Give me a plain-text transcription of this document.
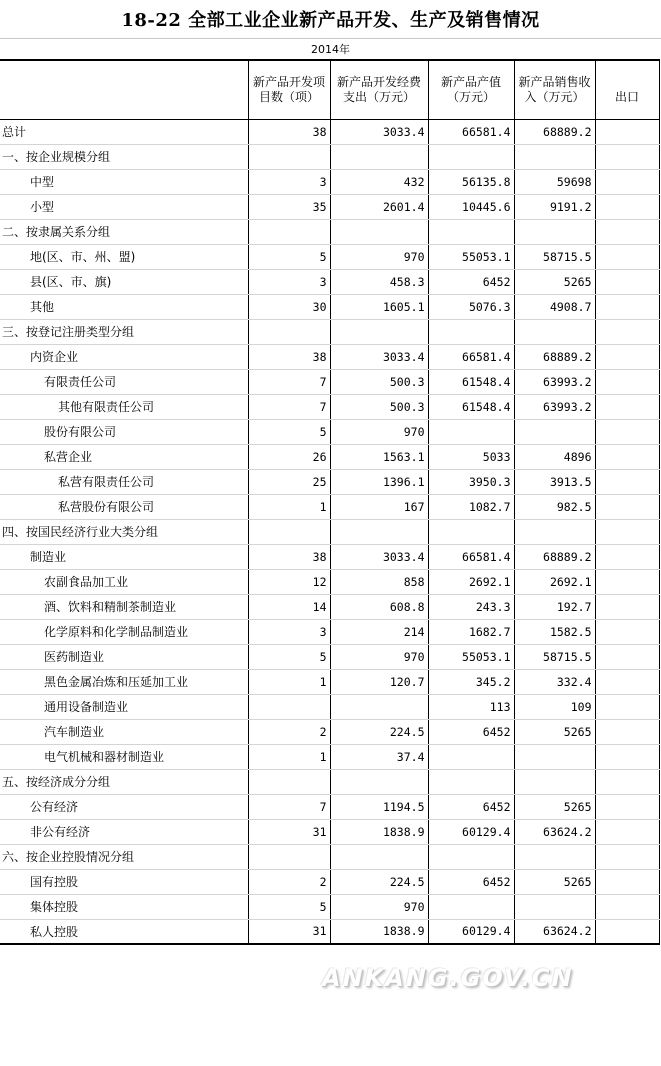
18-22 全部工业企业新产品开发、生产及销售情况
2014年
	新产品开发项目数（项）	新产品开发经费支出（万元）	新产品产值（万元）	新产品销售收入（万元）	出口
总计	38	3033.4	66581.4	68889.2	
一、按企业规模分组					
中型	3	432	56135.8	59698	
小型	35	2601.4	10445.6	9191.2	
二、按隶属关系分组					
地(区、市、州、盟)	5	970	55053.1	58715.5	
县(区、市、旗)	3	458.3	6452	5265	
其他	30	1605.1	5076.3	4908.7	
三、按登记注册类型分组					
内资企业	38	3033.4	66581.4	68889.2	
有限责任公司	7	500.3	61548.4	63993.2	
其他有限责任公司	7	500.3	61548.4	63993.2	
股份有限公司	5	970			
私营企业	26	1563.1	5033	4896	
私营有限责任公司	25	1396.1	3950.3	3913.5	
私营股份有限公司	1	167	1082.7	982.5	
四、按国民经济行业大类分组					
制造业	38	3033.4	66581.4	68889.2	
农副食品加工业	12	858	2692.1	2692.1	
酒、饮料和精制茶制造业	14	608.8	243.3	192.7	
化学原料和化学制品制造业	3	214	1682.7	1582.5	
医药制造业	5	970	55053.1	58715.5	
黑色金属冶炼和压延加工业	1	120.7	345.2	332.4	
通用设备制造业			113	109	
汽车制造业	2	224.5	6452	5265	
电气机械和器材制造业	1	37.4			
五、按经济成分分组					
公有经济	7	1194.5	6452	5265	
非公有经济	31	1838.9	60129.4	63624.2	
六、按企业控股情况分组					
国有控股	2	224.5	6452	5265	
集体控股	5	970			
私人控股	31	1838.9	60129.4	63624.2	
ANKANG.GOV.CN
